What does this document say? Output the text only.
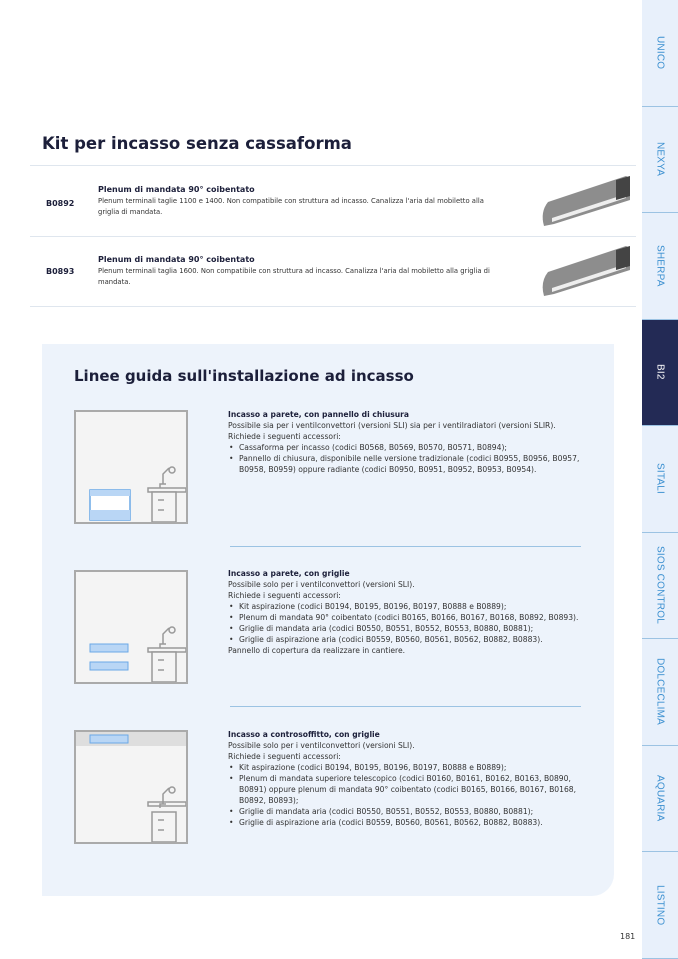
UNICO
NEXYA
SHERPA
BI2
SITALI
SIOS CONTROL
DOLCECLIMA
AQUARIA
LISTINO
Kit per incasso senza cassaforma
B0892
Plenum di mandata 90° coibentato
Plenum terminali taglie 1100 e 1400. Non compatibile con struttura ad incasso. Canalizza l'aria dal mobiletto alla griglia di mandata.
B0893
Plenum di mandata 90° coibentato
Plenum terminali taglia 1600. Non compatibile con struttura ad incasso. Canalizza l'aria dal mobiletto alla griglia di mandata.
Linee guida sull'installazione ad incasso
Incasso a parete, con pannello di chiusura
Possibile sia per i ventilconvettori (versioni SLI) sia per i ventilradiatori (versioni SLIR).
Richiede i seguenti accessori:
• Cassaforma per incasso (codici B0568, B0569, B0570, B0571, B0894);
• Pannello di chiusura, disponibile nelle versione tradizionale (codici B0955, B0956, B0957, B0958, B0959) oppure radiante (codici B0950, B0951, B0952, B0953, B0954).
Incasso a parete, con griglie
Possibile solo per i ventilconvettori (versioni SLI).
Richiede i seguenti accessori:
• Kit aspirazione (codici B0194, B0195, B0196, B0197, B0888 e B0889);
• Plenum di mandata 90° coibentato (codici B0165, B0166, B0167, B0168, B0892, B0893).
• Griglie di mandata aria (codici B0550, B0551, B0552, B0553, B0880, B0881);
• Griglie di aspirazione aria (codici B0559, B0560, B0561, B0562, B0882, B0883).
Pannello di copertura da realizzare in cantiere.
Incasso a controsoffitto, con griglie
Possibile solo per i ventilconvettori (versioni SLI).
Richiede i seguenti accessori:
• Kit aspirazione (codici B0194, B0195, B0196, B0197, B0888 e B0889);
• Plenum di mandata superiore telescopico (codici B0160, B0161, B0162, B0163, B0890, B0891) oppure plenum di mandata 90° coibentato (codici B0165, B0166, B0167, B0168, B0892, B0893);
• Griglie di mandata aria (codici B0550, B0551, B0552, B0553, B0880, B0881);
• Griglie di aspirazione aria (codici B0559, B0560, B0561, B0562, B0882, B0883).
181
